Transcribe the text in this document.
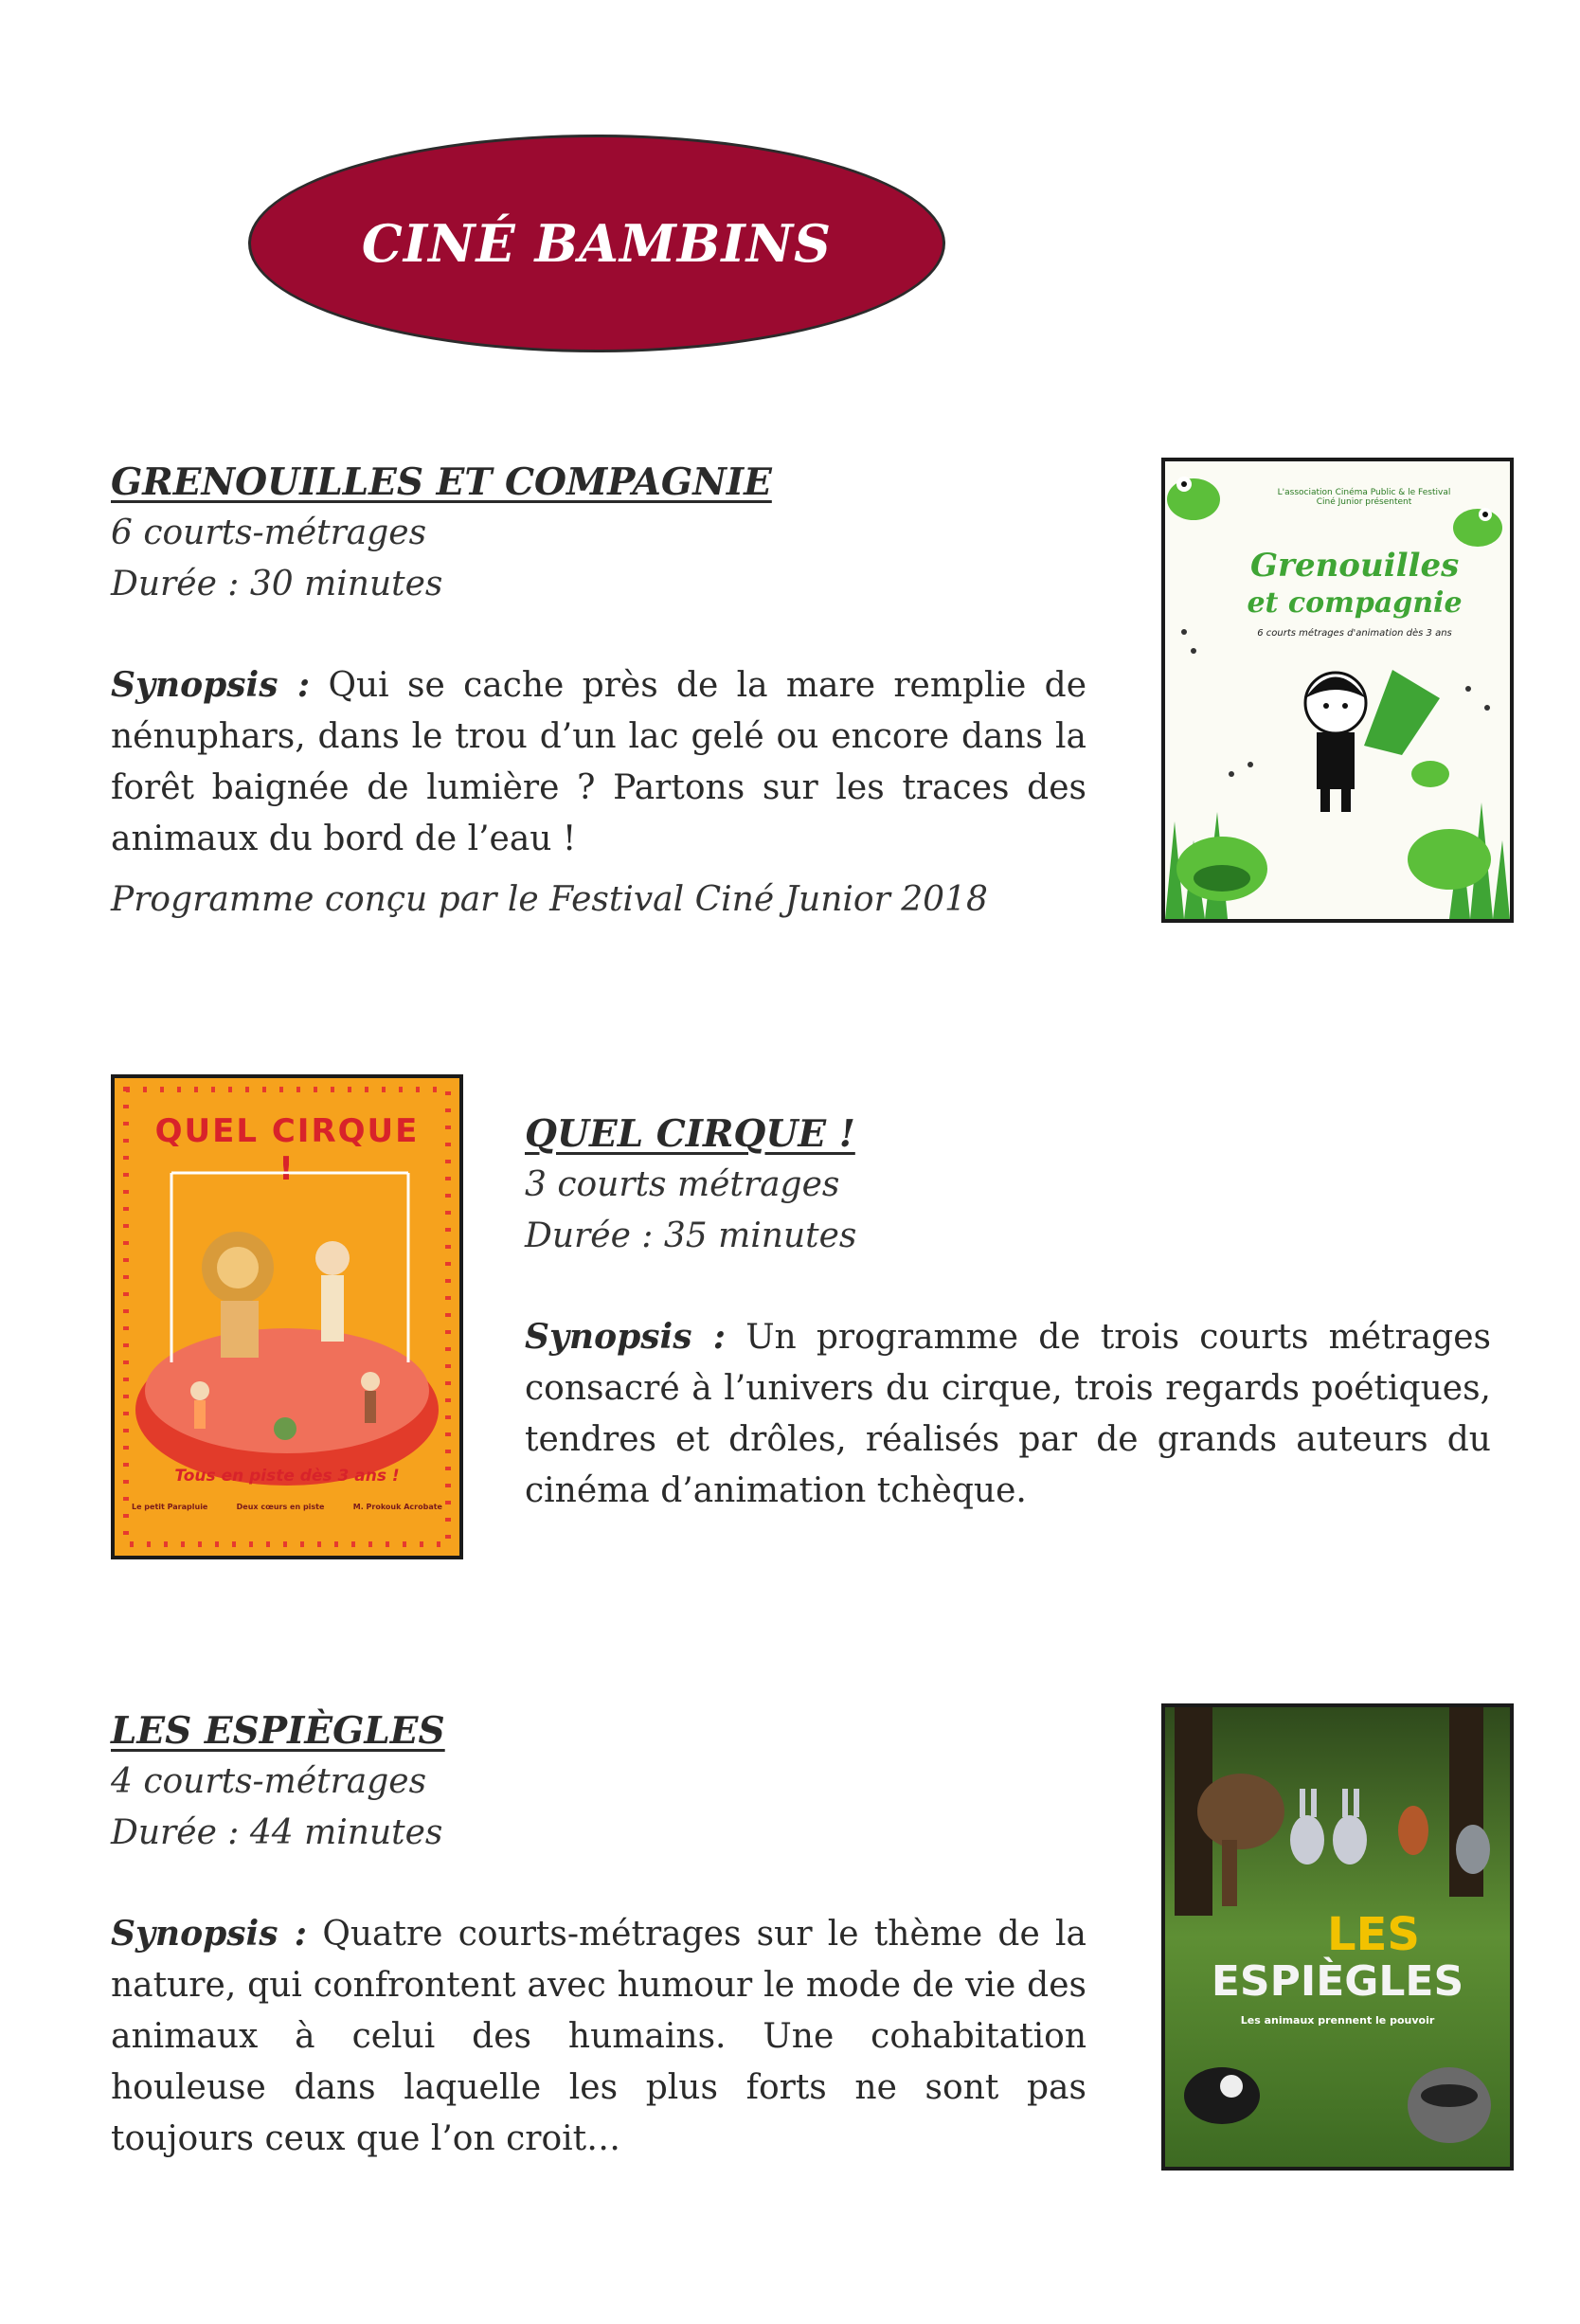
CINÉ BAMBINS
GRENOUILLES ET COMPAGNIE

6 courts-métrages

Durée : 30 minutes

Synopsis : Qui se cache près de la mare remplie de nénuphars, dans le trou d’un lac gelé ou encore dans la forêt baignée de lumière ? Partons sur les traces des animaux du bord de l’eau !

Programme conçu par le Festival Ciné Junior 2018

L'association Cinéma Public & le Festival Ciné Junior présentent
Grenouilles
et compagnie
6 courts métrages d'animation dès 3 ans
QUEL CIRQUE !
Tous en piste dès 3 ans !
Le petit Parapluie	Deux cœurs en piste	M. Prokouk Acrobate
QUEL CIRQUE !

3 courts métrages

Durée : 35 minutes

Synopsis : Un programme de trois courts métrages consacré à l’univers du cirque, trois regards poétiques, tendres et drôles, réalisés par de grands auteurs du cinéma d’animation tchèque.

LES ESPIÈGLES

4 courts-métrages

Durée : 44 minutes

Synopsis : Quatre courts-métrages sur le thème de la nature, qui confrontent avec humour le mode de vie des animaux à celui des humains. Une cohabitation houleuse dans laquelle les plus forts ne sont pas toujours ceux que l’on croit…

LES
ESPIÈGLES
Les animaux prennent le pouvoir
